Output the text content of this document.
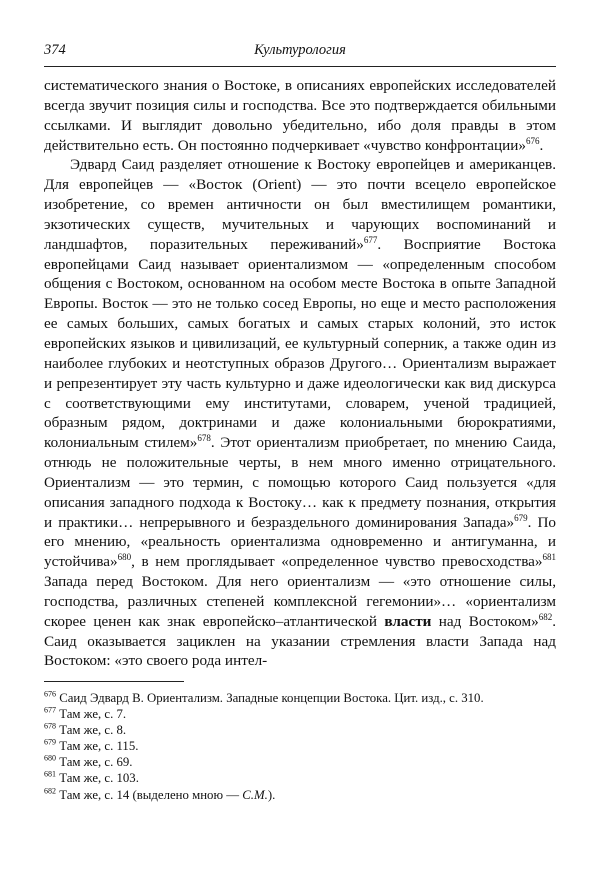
374	Культурология

систематического знания о Востоке, в описаниях европейских исследователей всегда звучит позиция силы и господства. Все это подтверждается обильными ссылками. И выглядит довольно убедительно, ибо доля правды в этом действительно есть. Он постоянно подчеркивает «чувство конфронтации»$^{676}$.

Эдвард Саид разделяет отношение к Востоку европейцев и американцев. Для европейцев — «Восток (Orient) — это почти всецело европейское изобретение, со времен античности он был вместилищем романтики, экзотических существ, мучительных и чарующих воспоминаний и ландшафтов, поразительных переживаний»$^{677}$. Восприятие Востока европейцами Саид называет ориентализмом — «определенным способом общения с Востоком, основанном на особом месте Востока в опыте Западной Европы. Восток — это не только сосед Европы, но еще и место расположения ее самых больших, самых богатых и самых старых колоний, это исток европейских языков и цивилизаций, ее культурный соперник, а также один из наиболее глубоких и неотступных образов Другого… Ориентализм выражает и репрезентирует эту часть культурно и даже идеологически как вид дискурса с соответствующими ему институтами, словарем, ученой традицией, образным рядом, доктринами и даже колониальными бюрократиями, колониальным стилем»$^{678}$. Этот ориентализм приобретает, по мнению Саида, отнюдь не положительные черты, в нем много именно отрицательного. Ориентализм — это термин, с помощью которого Саид пользуется «для описания западного подхода к Востоку… как к предмету познания, открытия и практики… непрерывного и безраздельного доминирования Запада»$^{679}$. По его мнению, «реальность ориентализма одновременно и антигуманна, и устойчива»$^{680}$, в нем проглядывает «определенное чувство превосходства»$^{681}$ Запада перед Востоком. Для него ориентализм — «это отношение силы, господства, различных степеней комплексной гегемонии»… «ориентализм скорее ценен как знак европейско–атлантической власти над Востоком»$^{682}$. Саид оказывается зациклен на указании стремления власти Запада над Востоком: «это своего рода интел-

$^{676}$ Саид Эдвард В. Ориентализм. Западные концепции Востока. Цит. изд., с. 310.
$^{677}$ Там же, с. 7.
$^{678}$ Там же, с. 8.
$^{679}$ Там же, с. 115.
$^{680}$ Там же, с. 69.
$^{681}$ Там же, с. 103.
$^{682}$ Там же, с. 14 (выделено мною — С.М.).
